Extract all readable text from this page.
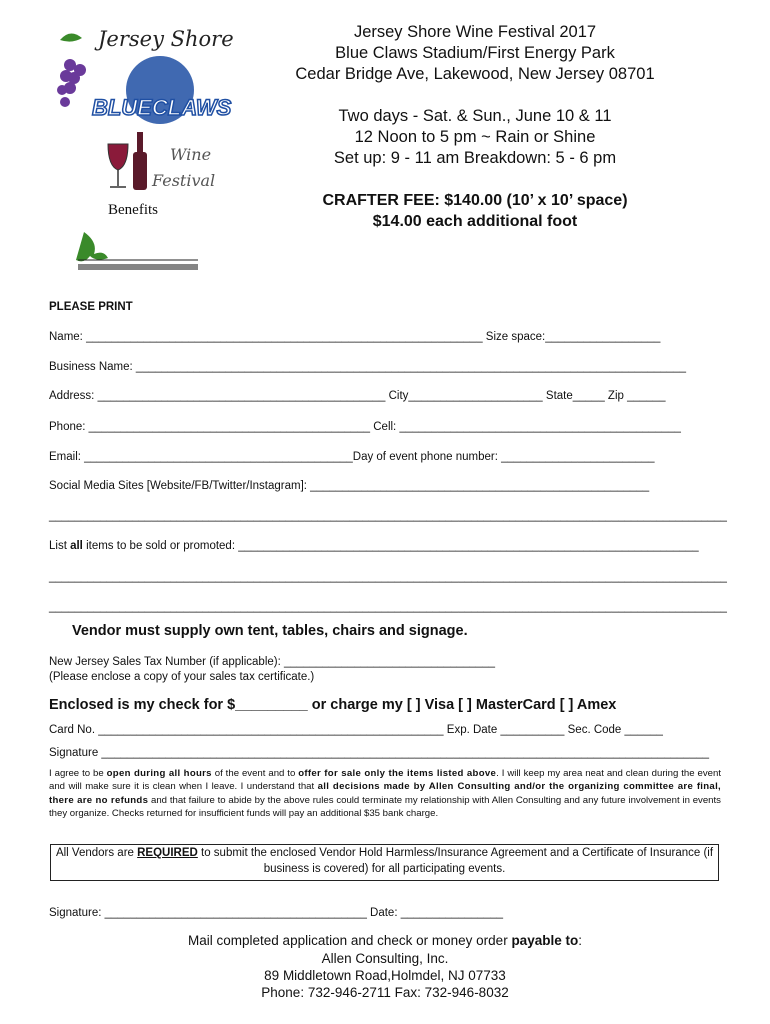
Jersey Shore
BLUECLAWS
Wine
Festival
Benefits
Jersey Shore Wine Festival 2017
Blue Claws Stadium/First Energy Park
Cedar Bridge Ave, Lakewood, New Jersey 08701
Two days - Sat. & Sun., June 10 & 11
12 Noon to 5 pm ~ Rain or Shine
Set up: 9 - 11 am Breakdown: 5 - 6 pm
CRAFTER FEE: $140.00 (10’ x 10’ space)
$14.00 each additional foot
PLEASE PRINT
Name: ______________________________________________________________ Size space:__________________
Business Name: ______________________________________________________________________________________
Address: _____________________________________________ City_____________________ State_____ Zip ______
Phone: ____________________________________________ Cell: ____________________________________________
Email: __________________________________________Day of event phone number: ________________________
Social Media Sites [Website/FB/Twitter/Instagram]: _____________________________________________________
__________________________________________________________________________________________________________
List all items to be sold or promoted: ________________________________________________________________________
__________________________________________________________________________________________________________
__________________________________________________________________________________________________________
Vendor must supply own tent, tables, chairs and signage.
New Jersey Sales Tax Number (if applicable): _________________________________
(Please enclose a copy of your sales tax certificate.)
Enclosed is my check for $_________ or charge my [ ] Visa [ ] MasterCard [ ] Amex
Card No. ______________________________________________________ Exp. Date __________ Sec. Code ______
Signature _______________________________________________________________________________________________
I agree to be open during all hours of the event and to offer for sale only the items listed above. I will keep my area neat and clean during the event and will make sure it is clean when I leave. I understand that all decisions made by Allen Consulting and/or the organizing committee are final, there are no refunds and that failure to abide by the above rules could terminate my relationship with Allen Consulting and any future involvement in events they organize. Checks returned for insufficient funds will pay an additional $35 bank charge.
All Vendors are REQUIRED to submit the enclosed Vendor Hold Harmless/Insurance Agreement and a Certificate of Insurance (if business is covered) for all participating events.
Signature: _________________________________________ Date: ________________
Mail completed application and check or money order payable to:
Allen Consulting, Inc.
89 Middletown Road,Holmdel, NJ 07733
Phone: 732-946-2711 Fax: 732-946-8032
